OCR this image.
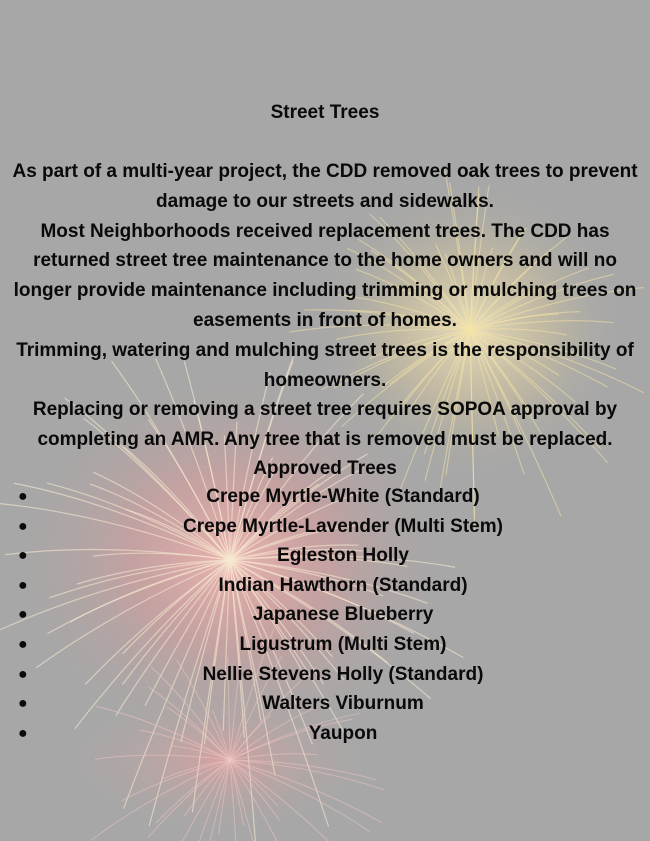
Street Trees

As part of a multi-year project, the CDD removed oak trees to prevent damage to our streets and sidewalks.

Most Neighborhoods received replacement trees. The CDD has returned street tree maintenance to the home owners and will no longer provide maintenance including trimming or mulching trees on easements in front of homes.

Trimming, watering and mulching street trees is the responsibility of homeowners.

Replacing or removing a street tree requires SOPOA approval by completing an AMR. Any tree that is removed must be replaced.

Approved Trees
●	Crepe Myrtle-White (Standard)
●	Crepe Myrtle-Lavender (Multi Stem)
●	Egleston Holly
●	Indian Hawthorn (Standard)
●	Japanese Blueberry
●	Ligustrum (Multi Stem)
●	Nellie Stevens Holly (Standard)
●	Walters Viburnum
●	Yaupon
